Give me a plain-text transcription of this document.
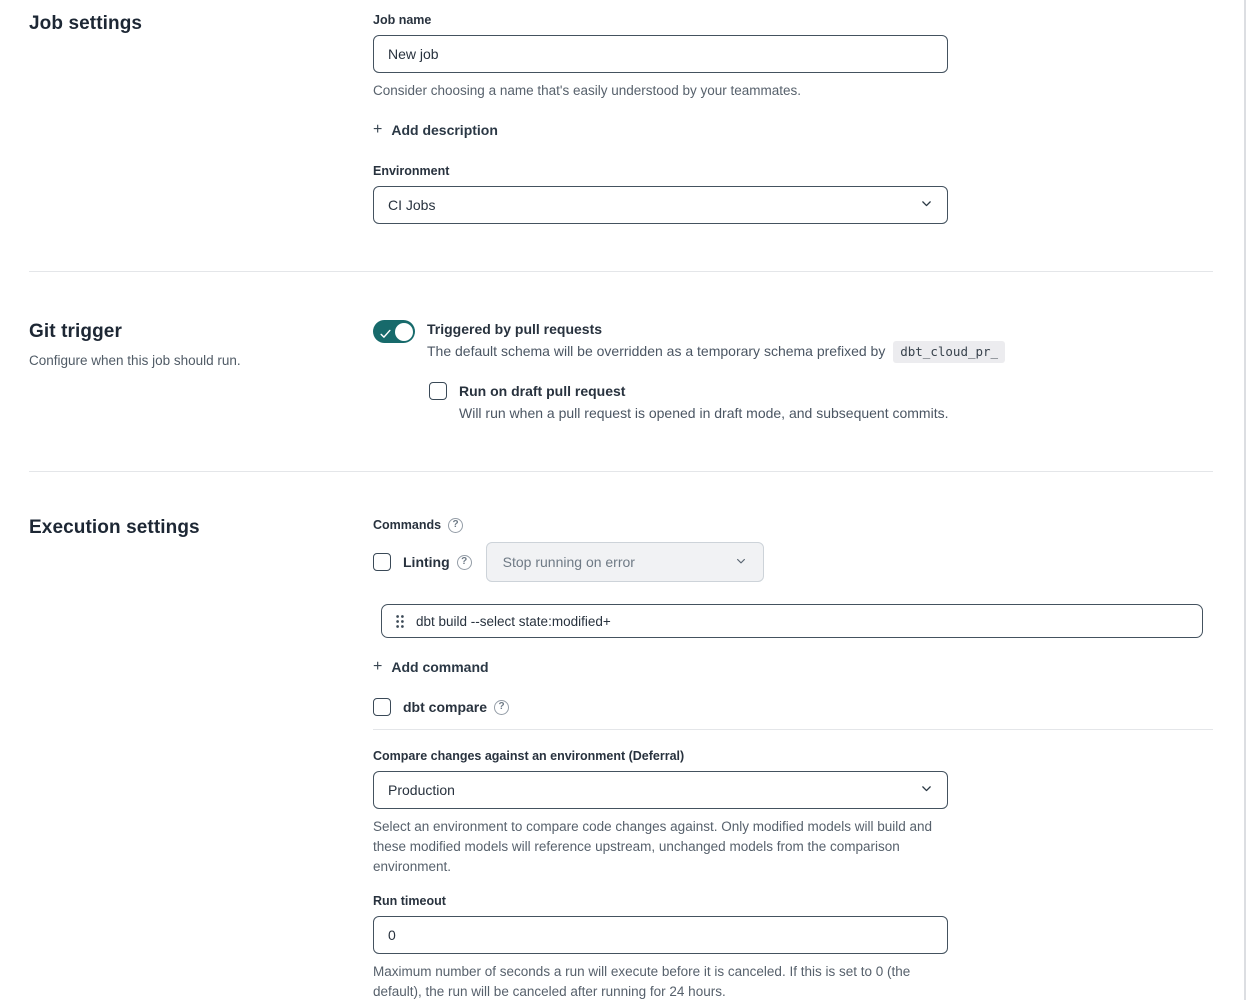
Job settings	Job name
New job
Consider choosing a name that's easily understood by your teammates.
+ Add description
Environment
CI Jobs
Git trigger
Configure when this job should run.
Triggered by pull requests
The default schema will be overridden as a temporary schema prefixed by dbt_cloud_pr_
Run on draft pull request
Will run when a pull request is opened in draft mode, and subsequent commits.
Execution settings	Commands	?
Linting	?	Stop running on error
dbt build --select state:modified+
+ Add command
dbt compare	?
Compare changes against an environment (Deferral)
Production
Select an environment to compare code changes against. Only modified models will build and these modified models will reference upstream, unchanged models from the comparison environment.
Run timeout
0
Maximum number of seconds a run will execute before it is canceled. If this is set to 0 (the default), the run will be canceled after running for 24 hours.
